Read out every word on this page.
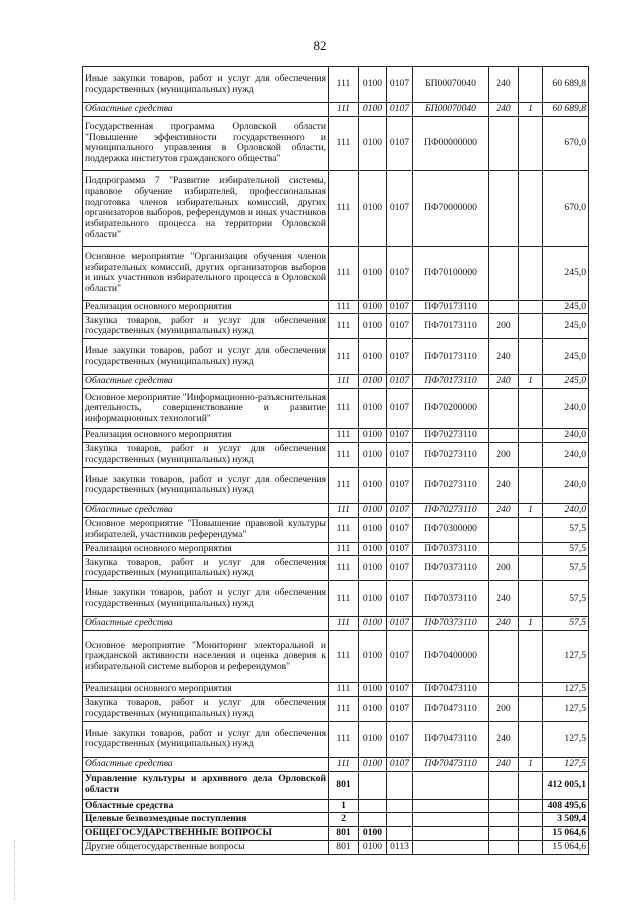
82
Иные закупки товаров, работ и услуг для обеспечения государственных (муниципальных) нужд	111	0100	0107	БП00070040	240		60 689,8
Областные средства	111	0100	0107	БП00070040	240	1	60 689,8
Государственная программа Орловской области "Повышение эффективности государственного и муниципального управления в Орловской области, поддержка институтов гражданского общества"	111	0100	0107	ПФ00000000			670,0
Подпрограмма 7 "Развитие избирательной системы, правовое обучение избирателей, профессиональная подготовка членов избирательных комиссий, других организаторов выборов, референдумов и иных участников избирательного процесса на территории Орловской области"	111	0100	0107	ПФ70000000			670,0
Основное мероприятие "Организация обучения членов избирательных комиссий, других организаторов выборов и иных участников избирательного процесса в Орловской области"	111	0100	0107	ПФ70100000			245,0
Реализация основного мероприятия	111	0100	0107	ПФ70173110			245,0
Закупка товаров, работ и услуг для обеспечения государственных (муниципальных) нужд	111	0100	0107	ПФ70173110	200		245,0
Иные закупки товаров, работ и услуг для обеспечения государственных (муниципальных) нужд	111	0100	0107	ПФ70173110	240		245,0
Областные средства	111	0100	0107	ПФ70173110	240	1	245,0
Основное мероприятие "Информационно-разъяснительная деятельность, совершенствование и развитие информационных технологий"	111	0100	0107	ПФ70200000			240,0
Реализация основного мероприятия	111	0100	0107	ПФ70273110			240,0
Закупка товаров, работ и услуг для обеспечения государственных (муниципальных) нужд	111	0100	0107	ПФ70273110	200		240,0
Иные закупки товаров, работ и услуг для обеспечения государственных (муниципальных) нужд	111	0100	0107	ПФ70273110	240		240,0
Областные средства	111	0100	0107	ПФ70273110	240	1	240,0
Основное мероприятие "Повышение правовой культуры избирателей, участников референдума"	111	0100	0107	ПФ70300000			57,5
Реализация основного мероприятия	111	0100	0107	ПФ70373110			57,5
Закупка товаров, работ и услуг для обеспечения государственных (муниципальных) нужд	111	0100	0107	ПФ70373110	200		57,5
Иные закупки товаров, работ и услуг для обеспечения государственных (муниципальных) нужд	111	0100	0107	ПФ70373110	240		57,5
Областные средства	111	0100	0107	ПФ70373110	240	1	57,5
Основное мероприятие "Мониторинг электоральной и гражданской активности населения и оценка доверия к избирательной системе выборов и референдумов"	111	0100	0107	ПФ70400000			127,5
Реализация основного мероприятия	111	0100	0107	ПФ70473110			127,5
Закупка товаров, работ и услуг для обеспечения государственных (муниципальных) нужд	111	0100	0107	ПФ70473110	200		127,5
Иные закупки товаров, работ и услуг для обеспечения государственных (муниципальных) нужд	111	0100	0107	ПФ70473110	240		127,5
Областные средства	111	0100	0107	ПФ70473110	240	1	127,5
Управление культуры и архивного дела Орловской области	801						412 005,1
Областные средства	1						408 495,6
Целевые безвозмездные поступления	2						3 509,4
ОБЩЕГОСУДАРСТВЕННЫЕ ВОПРОСЫ	801	0100					15 064,6
Другие общегосударственные вопросы	801	0100	0113				15 064,6
